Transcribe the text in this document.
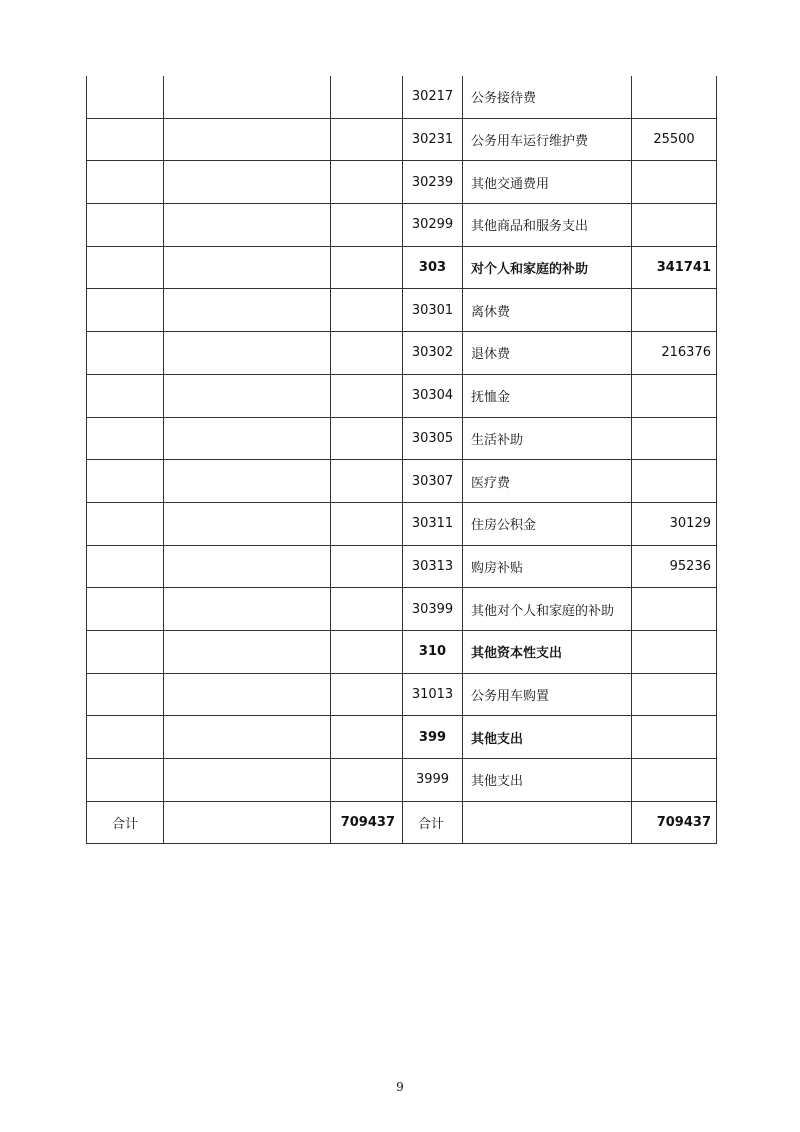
			30217	公务接待费	
			30231	公务用车运行维护费	25500
			30239	其他交通费用	
			30299	其他商品和服务支出	
			303	对个人和家庭的补助	341741
			30301	离休费	
			30302	退休费	216376
			30304	抚恤金	
			30305	生活补助	
			30307	医疗费	
			30311	住房公积金	30129
			30313	购房补贴	95236
			30399	其他对个人和家庭的补助	
			310	其他资本性支出	
			31013	公务用车购置	
			399	其他支出	
			3999	其他支出	
合计		709437	合计		709437
9
